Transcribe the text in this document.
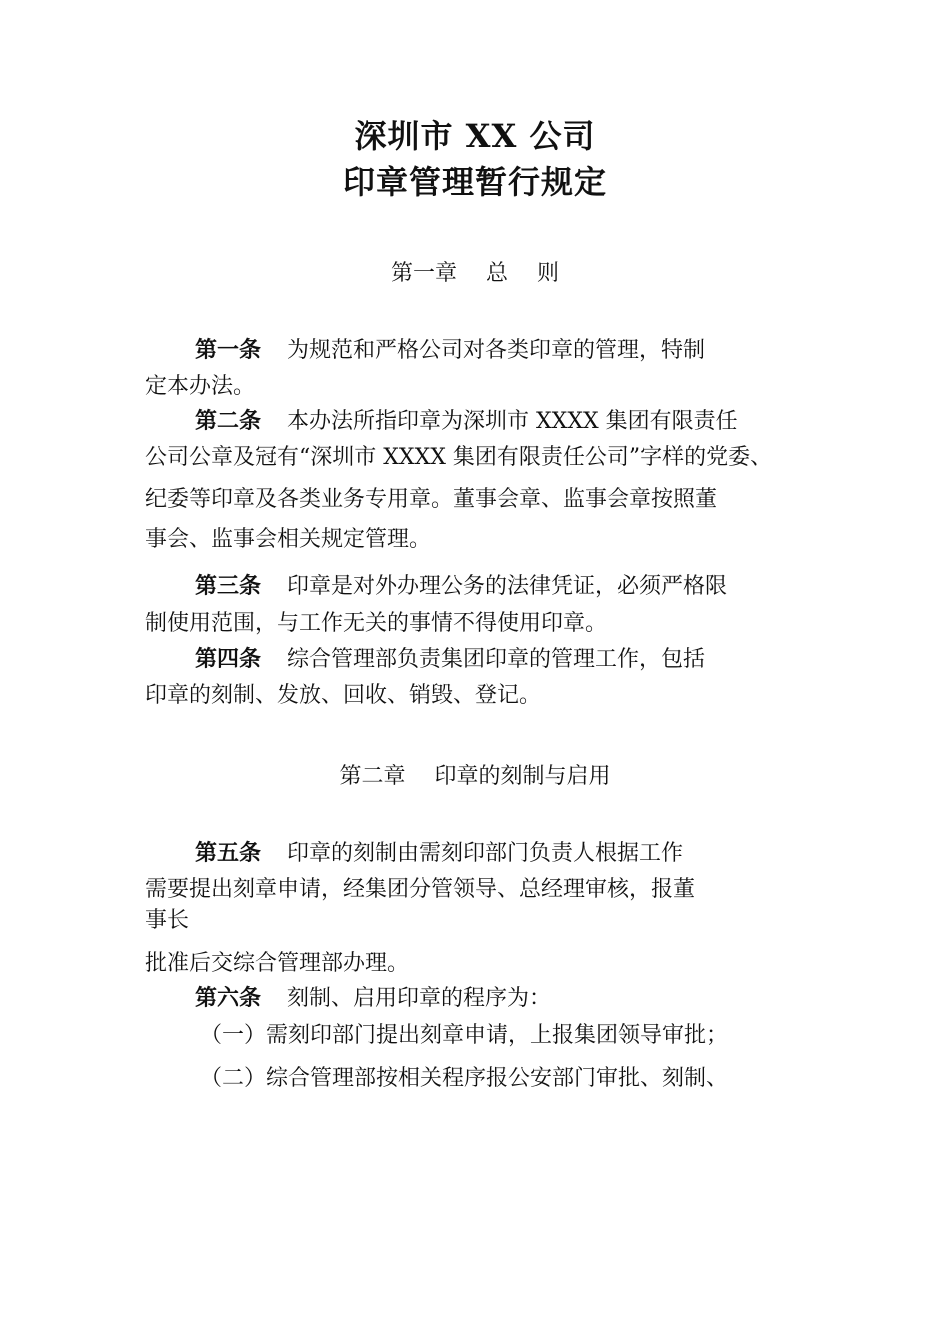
深圳市 XX 公司
印章管理暂行规定
第一章　 总　 则
第一条 为规范和严格公司对各类印章的管理，特制
定本办法。
第二条 本办法所指印章为深圳市 XXXX 集团有限责任
公司公章及冠有“深圳市 XXXX 集团有限责任公司”字样的党委、
纪委等印章及各类业务专用章。董事会章、监事会章按照董
事会、监事会相关规定管理。
第三条 印章是对外办理公务的法律凭证，必须严格限
制使用范围，与工作无关的事情不得使用印章。
第四条 综合管理部负责集团印章的管理工作，包括
印章的刻制、发放、回收、销毁、登记。
第二章　 印章的刻制与启用
第五条 印章的刻制由需刻印部门负责人根据工作
需要提出刻章申请，经集团分管领导、总经理审核，报董
事长
批准后交综合管理部办理。
第六条 刻制、启用印章的程序为：
（一）需刻印部门提出刻章申请，上报集团领导审批；
（二）综合管理部按相关程序报公安部门审批、刻制、
